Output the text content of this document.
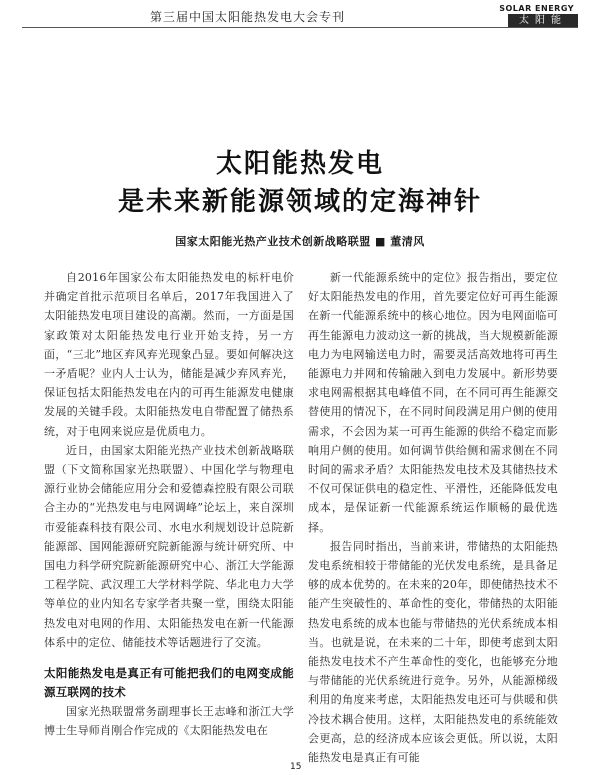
第三届中国太阳能热发电大会专刊
SOLAR ENERGY
太阳能
太阳能热发电
是未来新能源领域的定海神针
国家太阳能光热产业技术创新战略联盟 ■ 董清风

自2016年国家公布太阳能热发电的标杆电价并确定首批示范项目名单后，2017年我国进入了太阳能热发电项目建设的高潮。然而，一方面是国家政策对太阳能热发电行业开始支持，另一方面，“三北”地区弃风弃光现象凸显。要如何解决这一矛盾呢？业内人士认为，储能是减少弃风弃光，保证包括太阳能热发电在内的可再生能源发电健康发展的关键手段。太阳能热发电自带配置了储热系统，对于电网来说应是优质电力。

近日，由国家太阳能光热产业技术创新战略联盟（下文简称国家光热联盟）、中国化学与物理电源行业协会储能应用分会和爱德森控股有限公司联合主办的“光热发电与电网调峰”论坛上，来自深圳市爱能森科技有限公司、水电水利规划设计总院新能源部、国网能源研究院新能源与统计研究所、中国电力科学研究院新能源研究中心、浙江大学能源工程学院、武汉理工大学材料学院、华北电力大学等单位的业内知名专家学者共聚一堂，围绕太阳能热发电对电网的作用、太阳能热发电在新一代能源体系中的定位、储能技术等话题进行了交流。

太阳能热发电是真正有可能把我们的电网变成能源互联网的技术

国家光热联盟常务副理事长王志峰和浙江大学博士生导师肖刚合作完成的《太阳能热发电在

新一代能源系统中的定位》报告指出，要定位好太阳能热发电的作用，首先要定位好可再生能源在新一代能源系统中的核心地位。因为电网面临可再生能源电力波动这一新的挑战，当大规模新能源电力为电网输送电力时，需要灵活高效地将可再生能源电力并网和传输融入到电力发展中。新形势要求电网需根据其电峰值不同，在不同可再生能源交替使用的情况下，在不同时间段满足用户侧的使用需求，不会因为某一可再生能源的供给不稳定而影响用户侧的使用。如何调节供给侧和需求侧在不同时间的需求矛盾？太阳能热发电技术及其储热技术不仅可保证供电的稳定性、平滑性，还能降低发电成本，是保证新一代能源系统运作顺畅的最优选择。

报告同时指出，当前来讲，带储热的太阳能热发电系统相较于带储能的光伏发电系统，是具备足够的成本优势的。在未来的20年，即使储热技术不能产生突破性的、革命性的变化，带储热的太阳能热发电系统的成本也能与带储热的光伏系统成本相当。也就是说，在未来的二十年，即使考虑到太阳能热发电技术不产生革命性的变化，也能够充分地与带储能的光伏系统进行竞争。另外，从能源梯级利用的角度来考虑，太阳能热发电还可与供暖和供冷技术耦合使用。这样，太阳能热发电的系统能效会更高，总的经济成本应该会更低。所以说，太阳能热发电是真正有可能

15
